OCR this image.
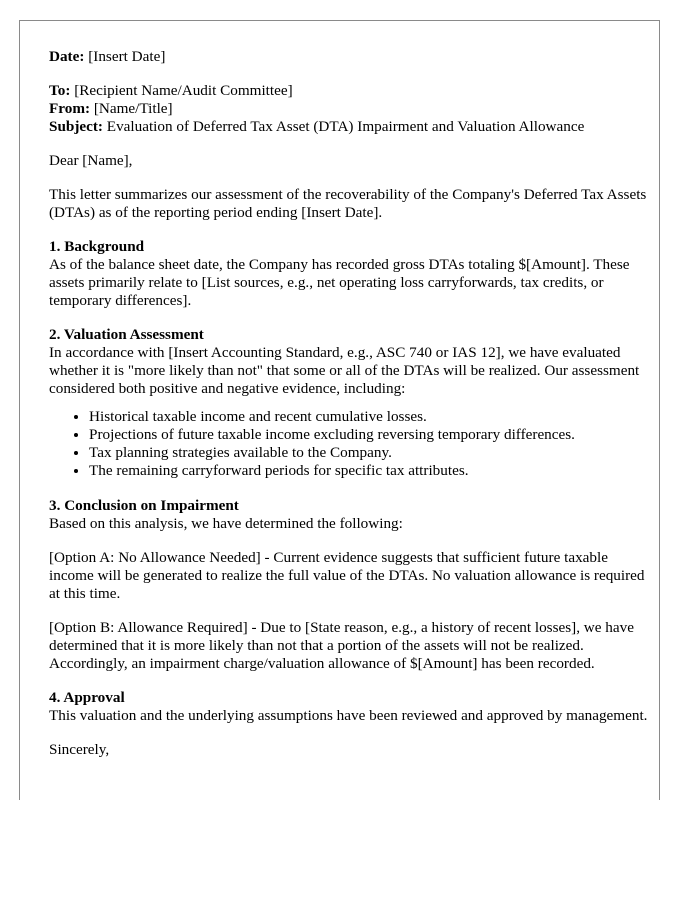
Date: [Insert Date]

To: [Recipient Name/Audit Committee]
From: [Name/Title]
Subject: Evaluation of Deferred Tax Asset (DTA) Impairment and Valuation Allowance

Dear [Name],

This letter summarizes our assessment of the recoverability of the Company's Deferred Tax Assets (DTAs) as of the reporting period ending [Insert Date].

1. Background
As of the balance sheet date, the Company has recorded gross DTAs totaling $[Amount]. These assets primarily relate to [List sources, e.g., net operating loss carryforwards, tax credits, or temporary differences].

2. Valuation Assessment
In accordance with [Insert Accounting Standard, e.g., ASC 740 or IAS 12], we have evaluated whether it is "more likely than not" that some or all of the DTAs will be realized. Our assessment considered both positive and negative evidence, including:

• Historical taxable income and recent cumulative losses.
• Projections of future taxable income excluding reversing temporary differences.
• Tax planning strategies available to the Company.
• The remaining carryforward periods for specific tax attributes.

3. Conclusion on Impairment
Based on this analysis, we have determined the following:

[Option A: No Allowance Needed] - Current evidence suggests that sufficient future taxable income will be generated to realize the full value of the DTAs. No valuation allowance is required at this time.

[Option B: Allowance Required] - Due to [State reason, e.g., a history of recent losses], we have determined that it is more likely than not that a portion of the assets will not be realized. Accordingly, an impairment charge/valuation allowance of $[Amount] has been recorded.

4. Approval
This valuation and the underlying assumptions have been reviewed and approved by management.

Sincerely,
